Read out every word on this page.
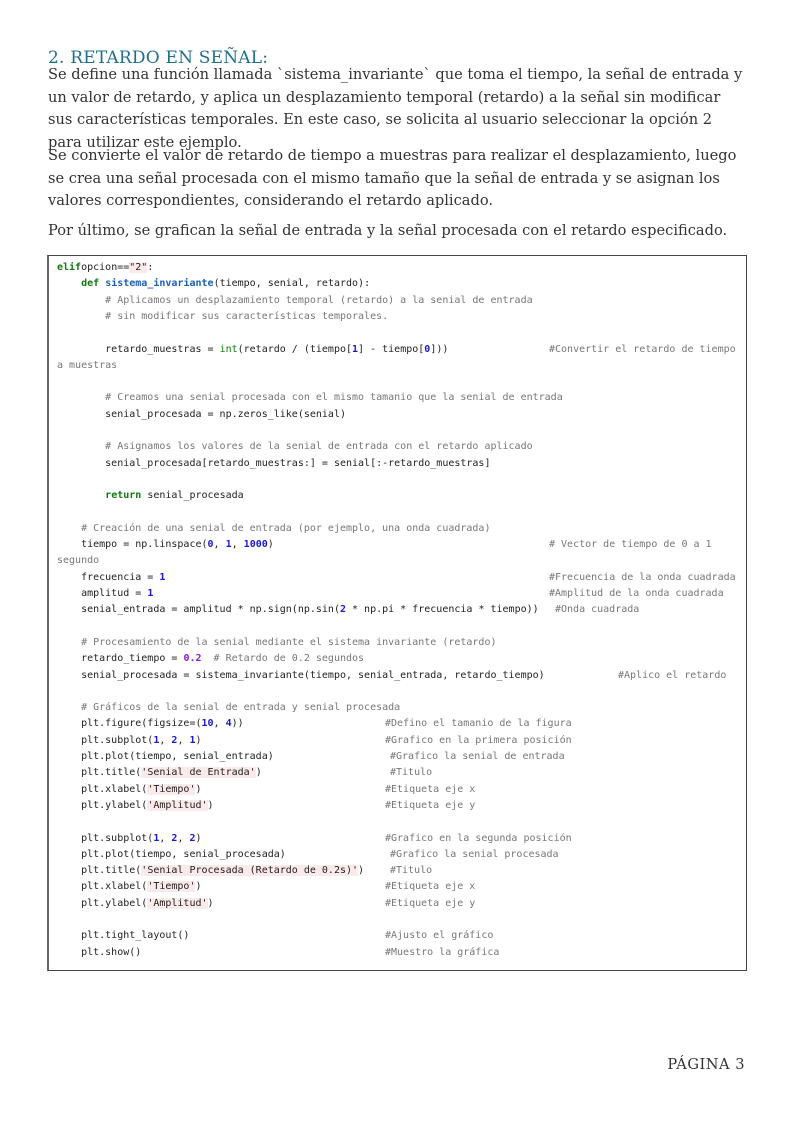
2. RETARDO EN SEÑAL:

Se define una función llamada `sistema_invariante` que toma el tiempo, la señal de entrada y un valor de retardo, y aplica un desplazamiento temporal (retardo) a la señal sin modificar sus características temporales. En este caso, se solicita al usuario seleccionar la opción 2 para utilizar este ejemplo.

Se convierte el valor de retardo de tiempo a muestras para realizar el desplazamiento, luego se crea una señal procesada con el mismo tamaño que la señal de entrada y se asignan los valores correspondientes, considerando el retardo aplicado.

Por último, se grafican la señal de entrada y la señal procesada con el retardo especificado.

elifopcion=="2":
def sistema_invariante(tiempo, senial, retardo):
# Aplicamos un desplazamiento temporal (retardo) a la senial de entrada
# sin modificar sus características temporales.
retardo_muestras = int(retardo / (tiempo[1] - tiempo[0]))	#Convertir el retardo de tiempo
a muestras
# Creamos una senial procesada con el mismo tamanio que la senial de entrada
senial_procesada = np.zeros_like(senial)
# Asignamos los valores de la senial de entrada con el retardo aplicado
senial_procesada[retardo_muestras:] = senial[:-retardo_muestras]
return senial_procesada
# Creación de una senial de entrada (por ejemplo, una onda cuadrada)
tiempo = np.linspace(0, 1, 1000)	# Vector de tiempo de 0 a 1
segundo
frecuencia = 1	#Frecuencia de la onda cuadrada
amplitud = 1	#Amplitud de la onda cuadrada
senial_entrada = amplitud * np.sign(np.sin(2 * np.pi * frecuencia * tiempo)) #Onda cuadrada
# Procesamiento de la senial mediante el sistema invariante (retardo)
retardo_tiempo = 0.2  # Retardo de 0.2 segundos
senial_procesada = sistema_invariante(tiempo, senial_entrada, retardo_tiempo)	#Aplico el retardo
# Gráficos de la senial de entrada y senial procesada
plt.figure(figsize=(10, 4))	#Defino el tamanio de la figura
plt.subplot(1, 2, 1)	#Grafico en la primera posición
plt.plot(tiempo, senial_entrada)	#Grafico la senial de entrada
plt.title('Senial de Entrada')	#Titulo
plt.xlabel('Tiempo')	#Etiqueta eje x
plt.ylabel('Amplitud')	#Etiqueta eje y
plt.subplot(1, 2, 2)	#Grafico en la segunda posición
plt.plot(tiempo, senial_procesada)	#Grafico la senial procesada
plt.title('Senial Procesada (Retardo de 0.2s)')	#Titulo
plt.xlabel('Tiempo')	#Etiqueta eje x
plt.ylabel('Amplitud')	#Etiqueta eje y
plt.tight_layout()	#Ajusto el gráfico
plt.show()	#Muestro la gráfica
PÁGINA 3
